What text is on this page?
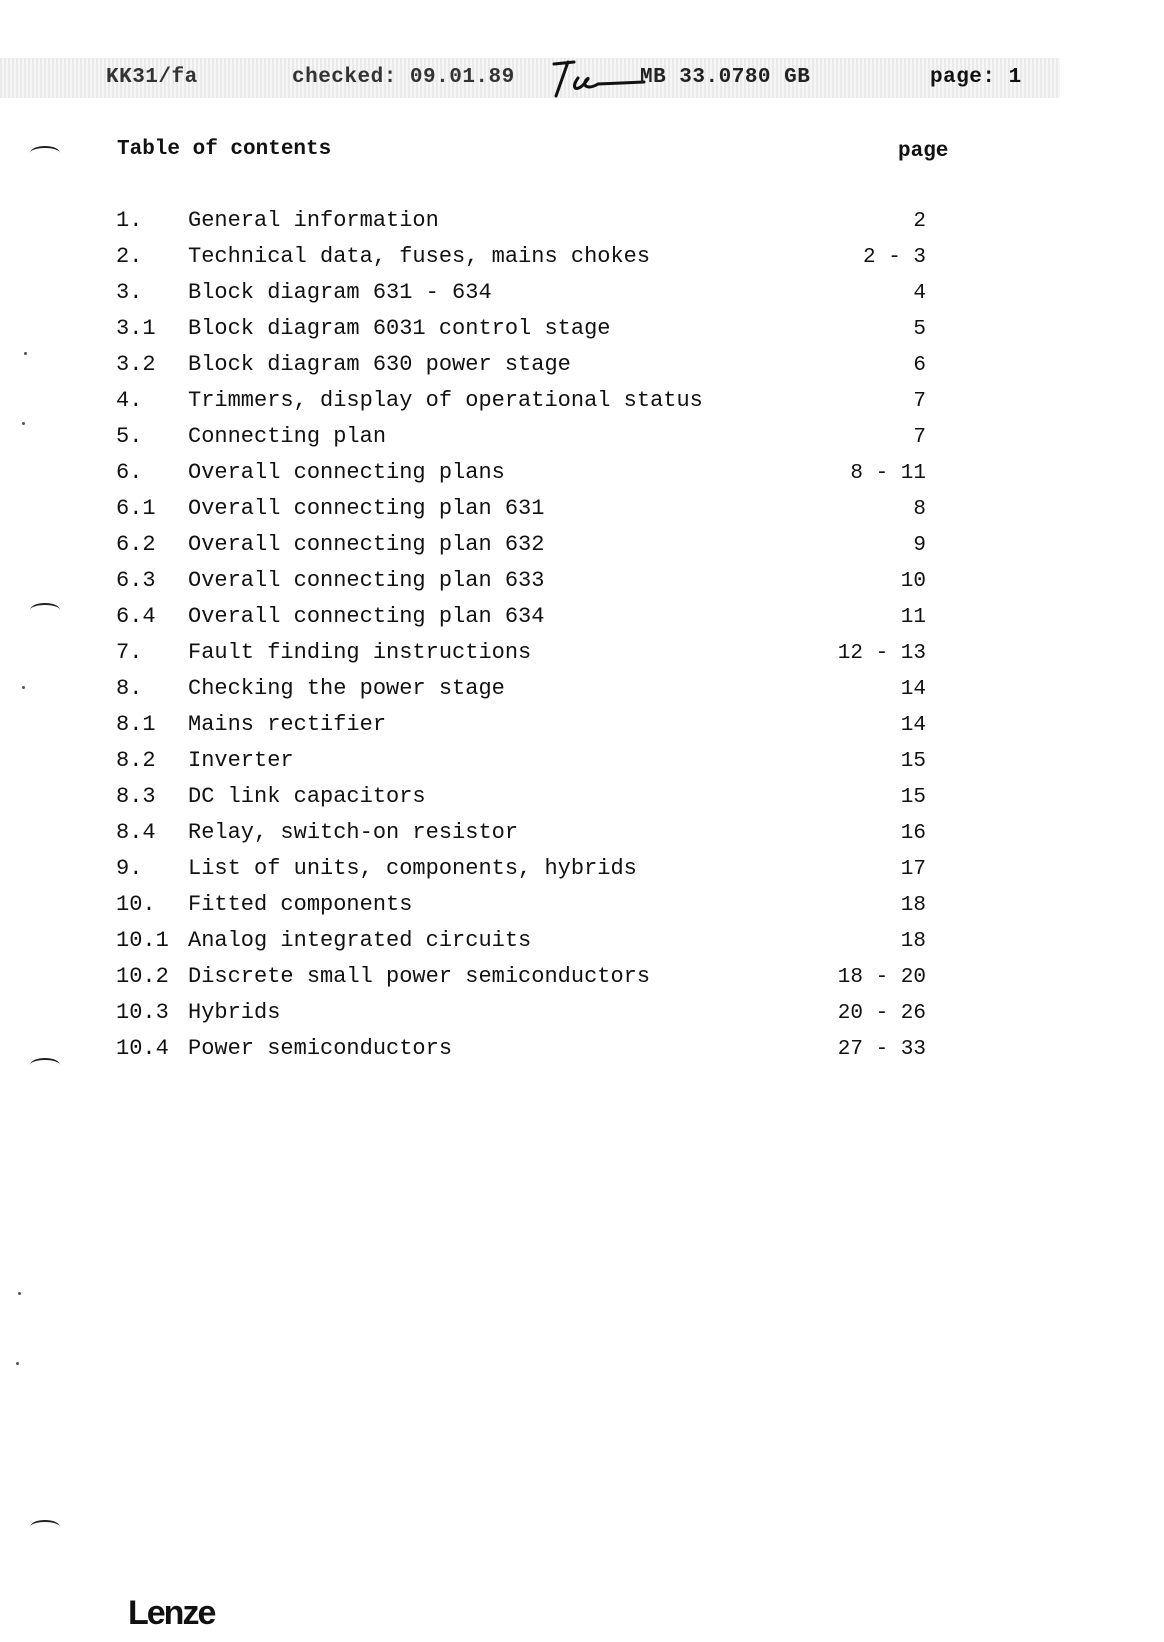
KK31/fa	checked: 09.01.89	MB 33.0780 GB	page: 1
Table of contents	page
1. General information	2
2. Technical data, fuses, mains chokes	2 - 3
3. Block diagram 631 - 634	4
3.1 Block diagram 6031 control stage	5
3.2 Block diagram 630 power stage	6
4. Trimmers, display of operational status	7
5. Connecting plan	7
6. Overall connecting plans	8 - 11
6.1 Overall connecting plan 631	8
6.2 Overall connecting plan 632	9
6.3 Overall connecting plan 633	10
6.4 Overall connecting plan 634	11
7. Fault finding instructions	12 - 13
8. Checking the power stage	14
8.1 Mains rectifier	14
8.2 Inverter	15
8.3 DC link capacitors	15
8.4 Relay, switch-on resistor	16
9. List of units, components, hybrids	17
10. Fitted components	18
10.1 Analog integrated circuits	18
10.2 Discrete small power semiconductors	18 - 20
10.3 Hybrids	20 - 26
10.4 Power semiconductors	27 - 33
Lenze
